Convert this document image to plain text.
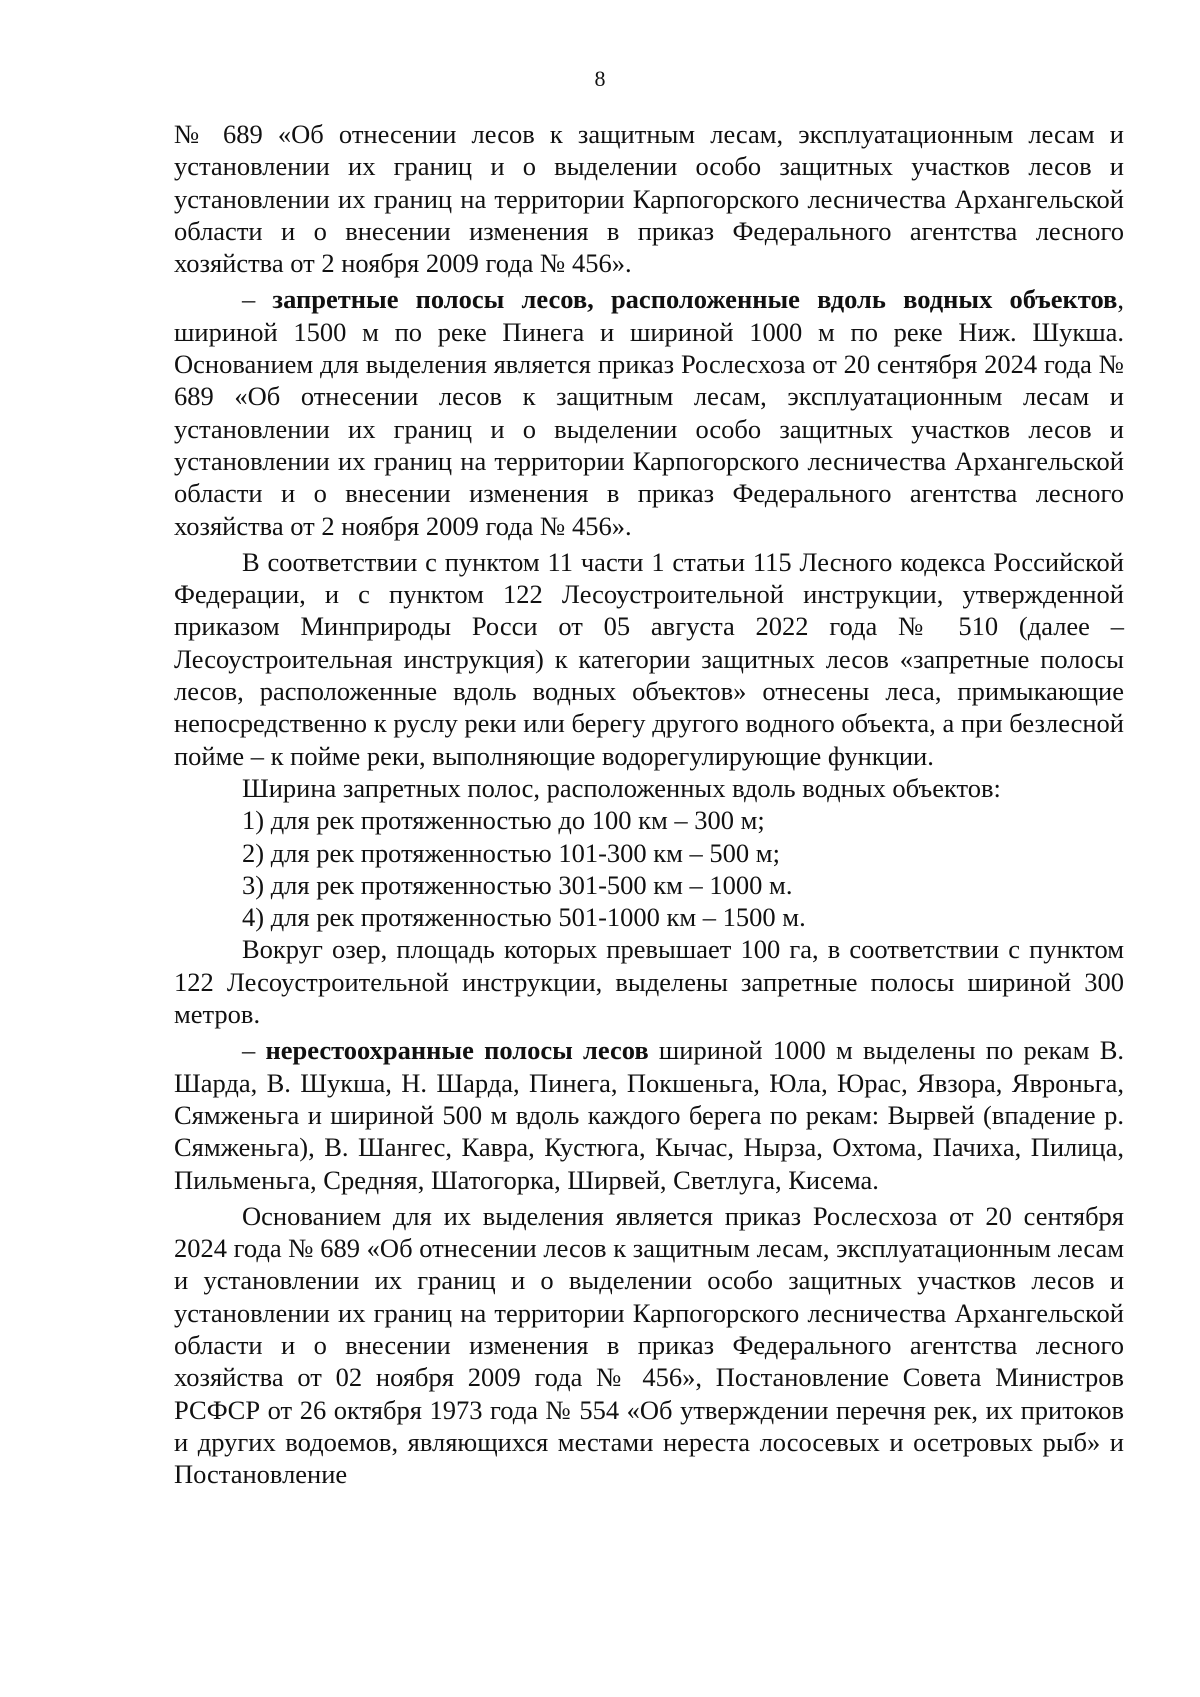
8

№ 689 «Об отнесении лесов к защитным лесам, эксплуатационным лесам и установлении их границ и о выделении особо защитных участков лесов и установлении их границ на территории Карпогорского лесничества Архангельской области и о внесении изменения в приказ Федерального агентства лесного хозяйства от 2 ноября 2009 года № 456».

– запретные полосы лесов, расположенные вдоль водных объектов, шириной 1500 м по реке Пинега и шириной 1000 м по реке Ниж. Шукша. Основанием для выделения является приказ Рослесхоза от 20 сентября 2024 года № 689 «Об отнесении лесов к защитным лесам, эксплуатационным лесам и установлении их границ и о выделении особо защитных участков лесов и установлении их границ на территории Карпогорского лесничества Архангельской области и о внесении изменения в приказ Федерального агентства лесного хозяйства от 2 ноября 2009 года № 456».

В соответствии с пунктом 11 части 1 статьи 115 Лесного кодекса Российской Федерации, и с пунктом 122 Лесоустроительной инструкции, утвержденной приказом Минприроды Росси от 05 августа 2022 года № 510 (далее – Лесоустроительная инструкция) к категории защитных лесов «запретные полосы лесов, расположенные вдоль водных объектов» отнесены леса, примыкающие непосредственно к руслу реки или берегу другого водного объекта, а при безлесной пойме – к пойме реки, выполняющие водорегулирующие функции.

Ширина запретных полос, расположенных вдоль водных объектов:

1) для рек протяженностью до 100 км – 300 м;

2) для рек протяженностью 101-300 км – 500 м;

3) для рек протяженностью 301-500 км – 1000 м.

4) для рек протяженностью 501-1000 км – 1500 м.

Вокруг озер, площадь которых превышает 100 га, в соответствии с пунктом 122 Лесоустроительной инструкции, выделены запретные полосы шириной 300 метров.

– нерестоохранные полосы лесов шириной 1000 м выделены по рекам В. Шарда, В. Шукша, Н. Шарда, Пинега, Покшеньга, Юла, Юрас, Явзора, Явроньга, Сямженьга и шириной 500 м вдоль каждого берега по рекам: Вырвей (впадение р. Сямженьга), В. Шангес, Кавра, Кустюга, Кычас, Нырза, Охтома, Пачиха, Пилица, Пильменьга, Средняя, Шатогорка, Ширвей, Светлуга, Кисема.

Основанием для их выделения является приказ Рослесхоза от 20 сентября 2024 года № 689 «Об отнесении лесов к защитным лесам, эксплуатационным лесам и установлении их границ и о выделении особо защитных участков лесов и установлении их границ на территории Карпогорского лесничества Архангельской области и о внесении изменения в приказ Федерального агентства лесного хозяйства от 02 ноября 2009 года № 456», Постановление Совета Министров РСФСР от 26 октября 1973 года № 554 «Об утверждении перечня рек, их притоков и других водоемов, являющихся местами нереста лососевых и осетровых рыб» и Постановление
